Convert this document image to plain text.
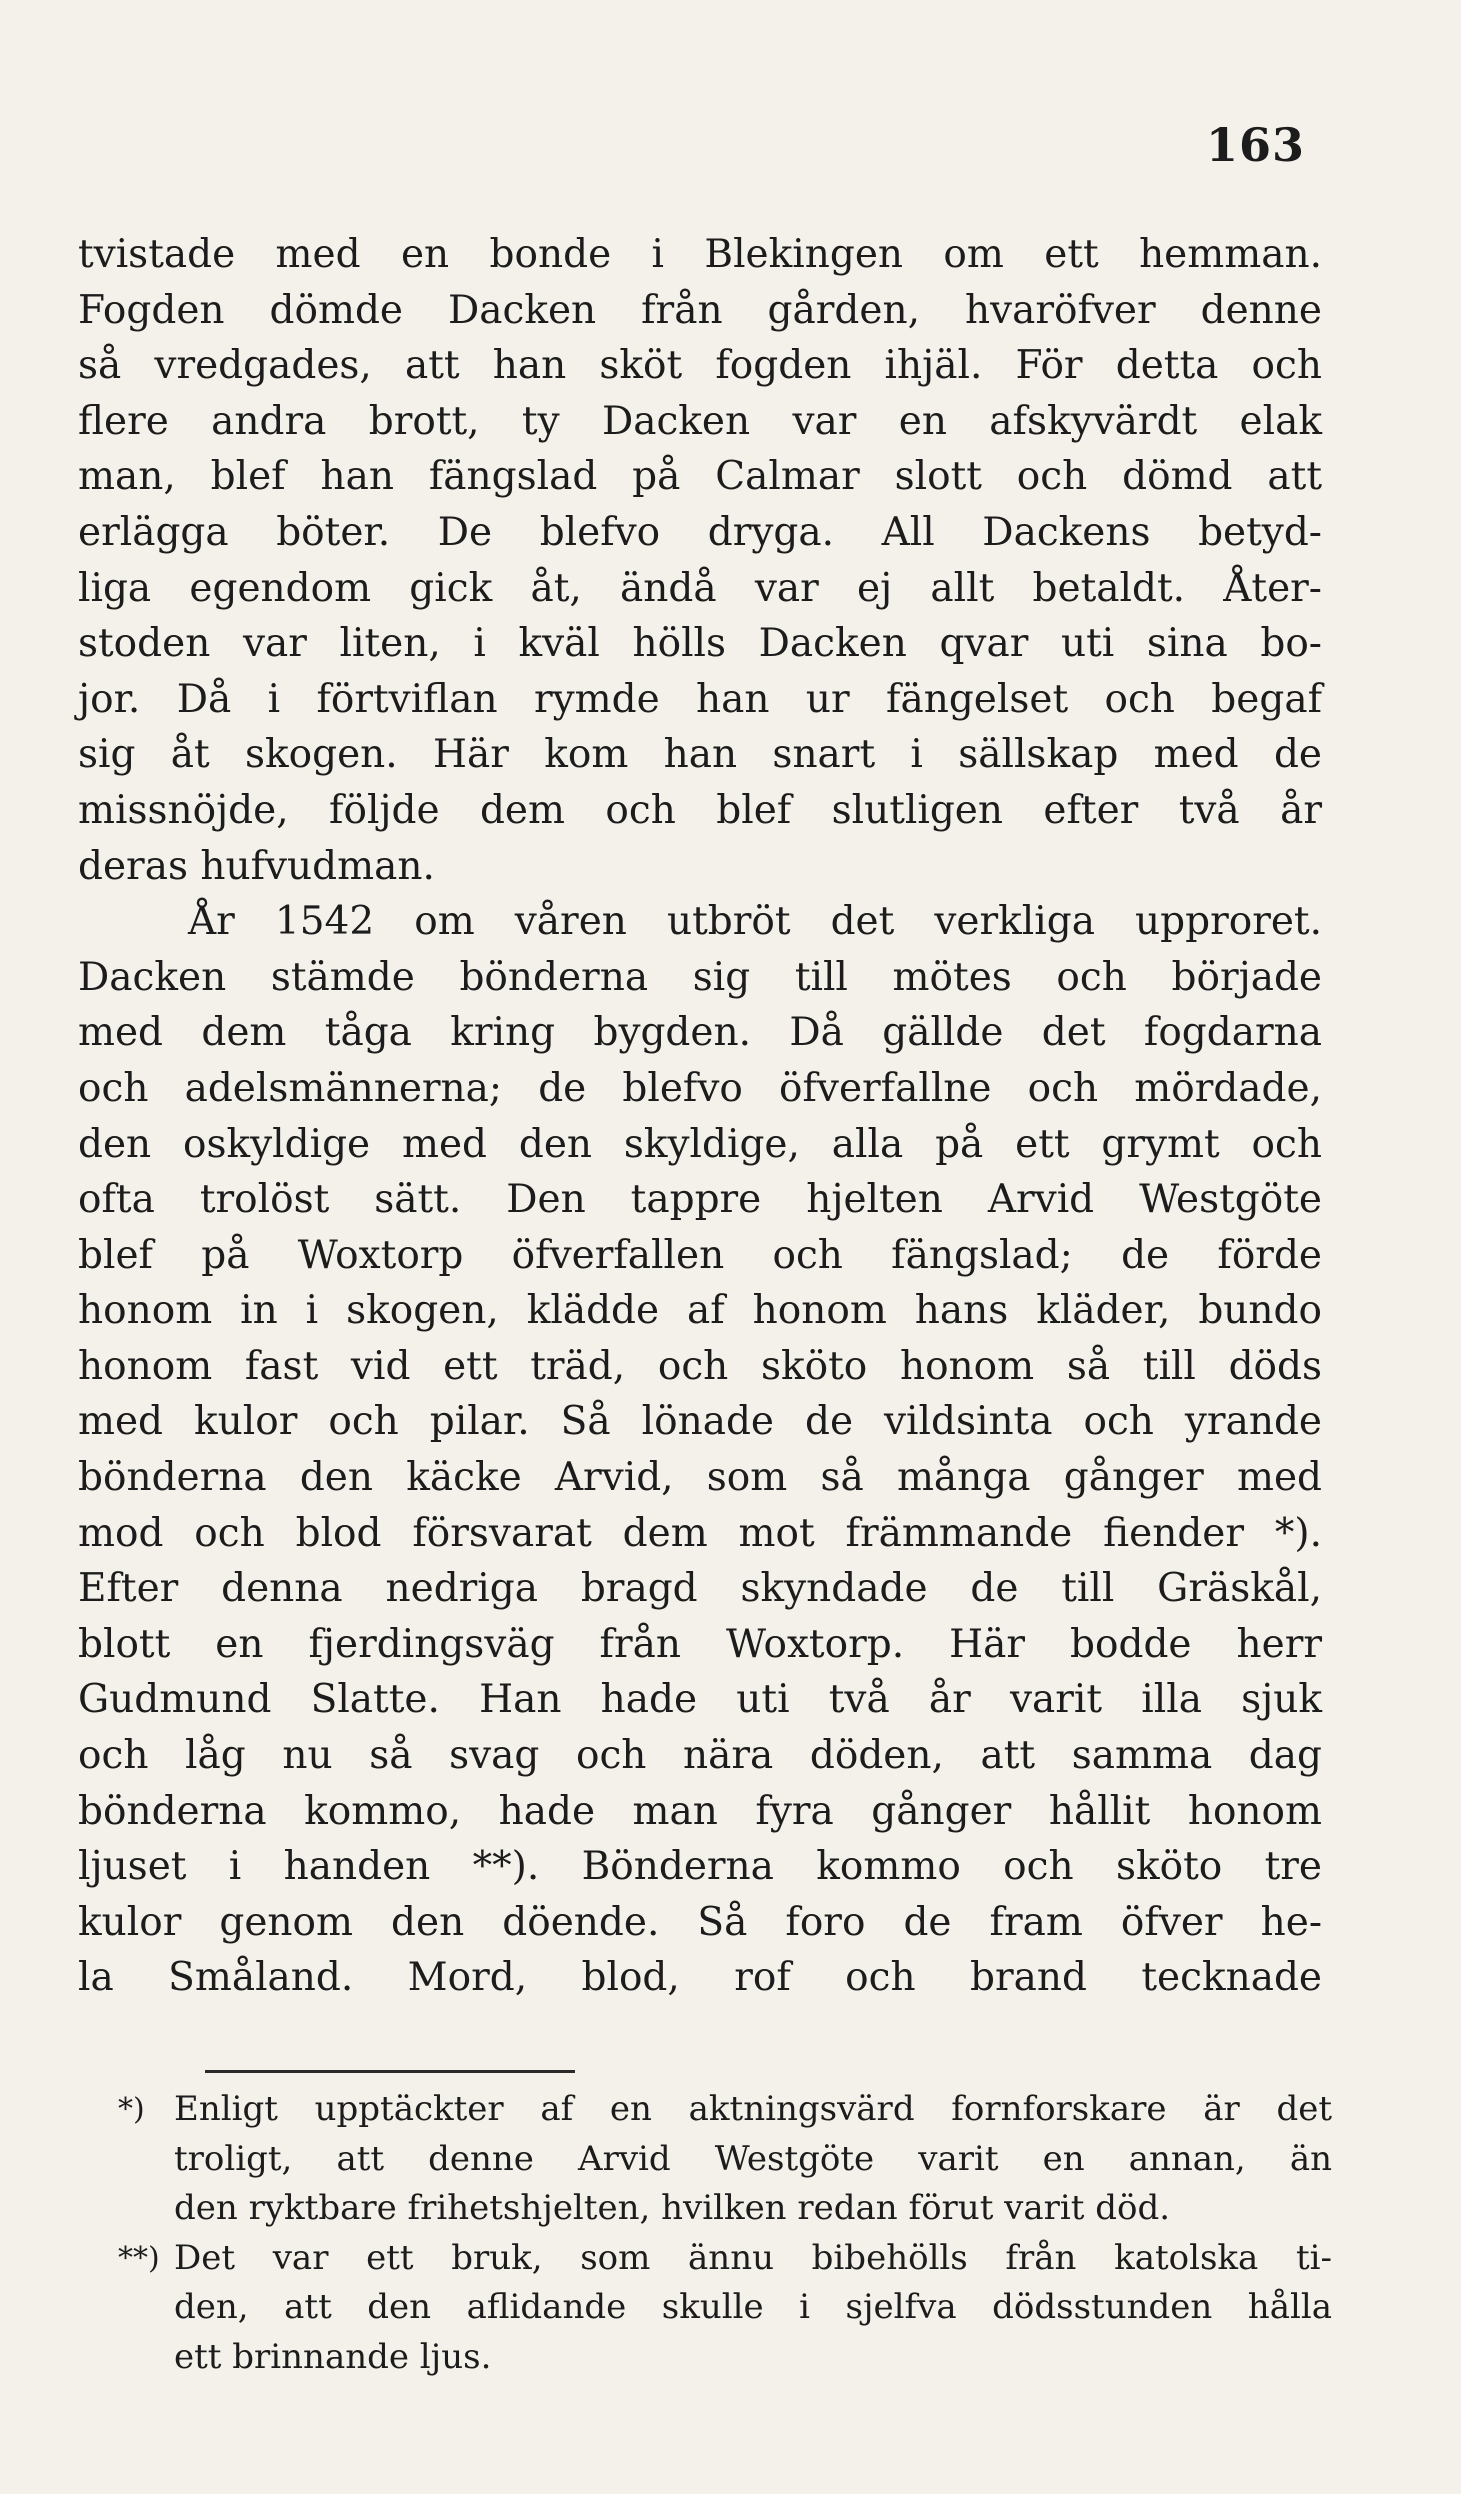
163
tvistade med en bonde i Blekingen om ett hemman.
Fogden dömde Dacken från gården, hvaröfver denne
så vredgades, att han sköt fogden ihjäl. För detta och
flere andra brott, ty Dacken var en afskyvärdt elak
man, blef han fängslad på Calmar slott och dömd att
erlägga böter. De blefvo dryga. All Dackens betyd-
liga egendom gick åt, ändå var ej allt betaldt. Åter-
stoden var liten, i kväl hölls Dacken qvar uti sina bo-
jor. Då i förtviflan rymde han ur fängelset och begaf
sig åt skogen. Här kom han snart i sällskap med de
missnöjde, följde dem och blef slutligen efter två år
deras hufvudman.
År 1542 om våren utbröt det verkliga upproret.
Dacken stämde bönderna sig till mötes och började
med dem tåga kring bygden. Då gällde det fogdarna
och adelsmännerna; de blefvo öfverfallne och mördade,
den oskyldige med den skyldige, alla på ett grymt och
ofta trolöst sätt. Den tappre hjelten Arvid Westgöte
blef på Woxtorp öfverfallen och fängslad; de förde
honom in i skogen, klädde af honom hans kläder, bundo
honom fast vid ett träd, och sköto honom så till döds
med kulor och pilar. Så lönade de vildsinta och yrande
bönderna den käcke Arvid, som så många gånger med
mod och blod försvarat dem mot främmande fiender *).
Efter denna nedriga bragd skyndade de till Gräskål,
blott en fjerdingsväg från Woxtorp. Här bodde herr
Gudmund Slatte. Han hade uti två år varit illa sjuk
och låg nu så svag och nära döden, att samma dag
bönderna kommo, hade man fyra gånger hållit honom
ljuset i handen **). Bönderna kommo och sköto tre
kulor genom den döende. Så foro de fram öfver he-
la Småland. Mord, blod, rof och brand tecknade
*) Enligt upptäckter af en aktningsvärd fornforskare är det
troligt, att denne Arvid Westgöte varit en annan, än
den ryktbare frihetshjelten, hvilken redan förut varit död.
**) Det var ett bruk, som ännu bibehölls från katolska ti-
den, att den aflidande skulle i sjelfva dödsstunden hålla
ett brinnande ljus.
